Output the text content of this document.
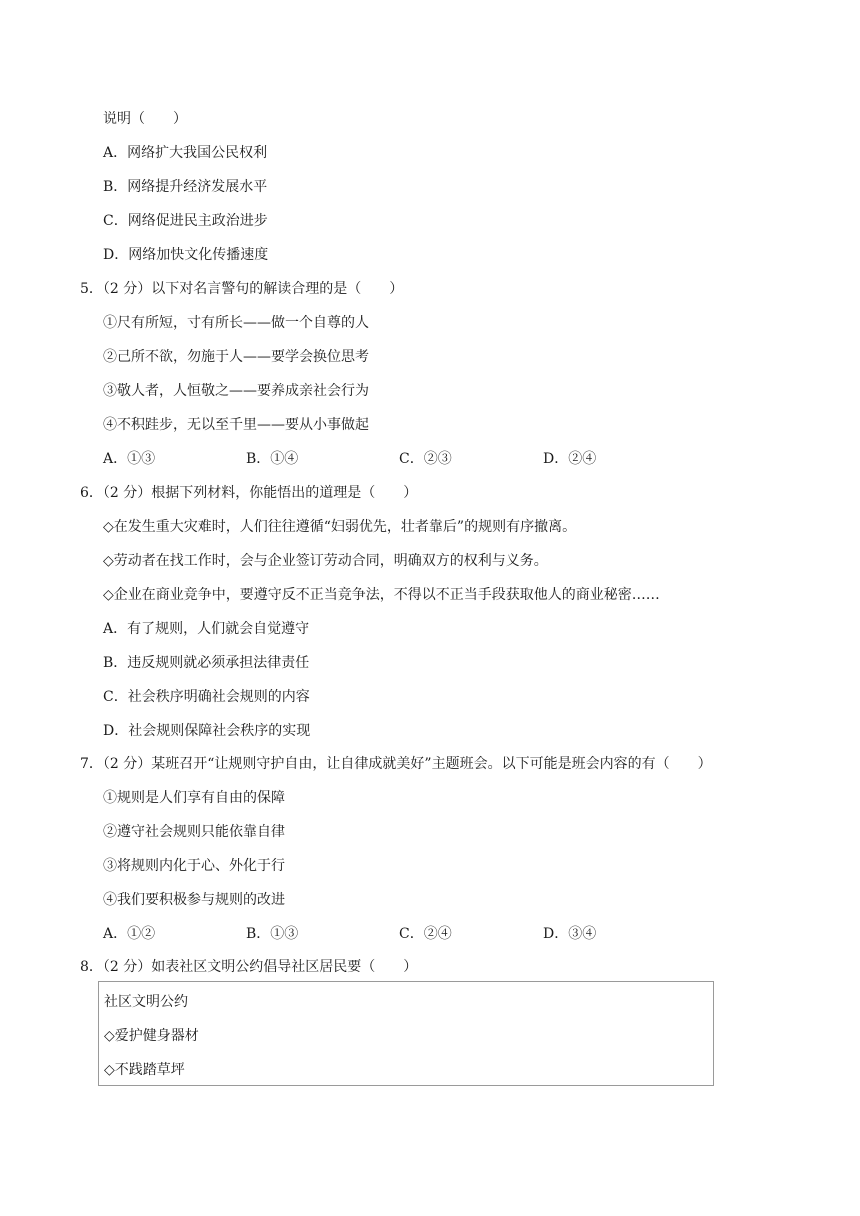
说明（　　）
A．网络扩大我国公民权利
B．网络提升经济发展水平
C．网络促进民主政治进步
D．网络加快文化传播速度
5．（2 分）以下对名言警句的解读合理的是（　　）
①尺有所短，寸有所长——做一个自尊的人
②己所不欲，勿施于人——要学会换位思考
③敬人者，人恒敬之——要养成亲社会行为
④不积跬步，无以至千里——要从小事做起
A．①③	B．①④	C．②③	D．②④
6．（2 分）根据下列材料，你能悟出的道理是（　　）
◇在发生重大灾难时，人们往往遵循“妇弱优先，壮者靠后”的规则有序撤离。
◇劳动者在找工作时，会与企业签订劳动合同，明确双方的权利与义务。
◇企业在商业竞争中，要遵守反不正当竞争法，不得以不正当手段获取他人的商业秘密……
A．有了规则，人们就会自觉遵守
B．违反规则就必须承担法律责任
C．社会秩序明确社会规则的内容
D．社会规则保障社会秩序的实现
7．（2 分）某班召开“让规则守护自由，让自律成就美好”主题班会。以下可能是班会内容的有（　　）
①规则是人们享有自由的保障
②遵守社会规则只能依靠自律
③将规则内化于心、外化于行
④我们要积极参与规则的改进
A．①②	B．①③	C．②④	D．③④
8．（2 分）如表社区文明公约倡导社区居民要（　　）
社区文明公约
◇爱护健身器材
◇不践踏草坪
